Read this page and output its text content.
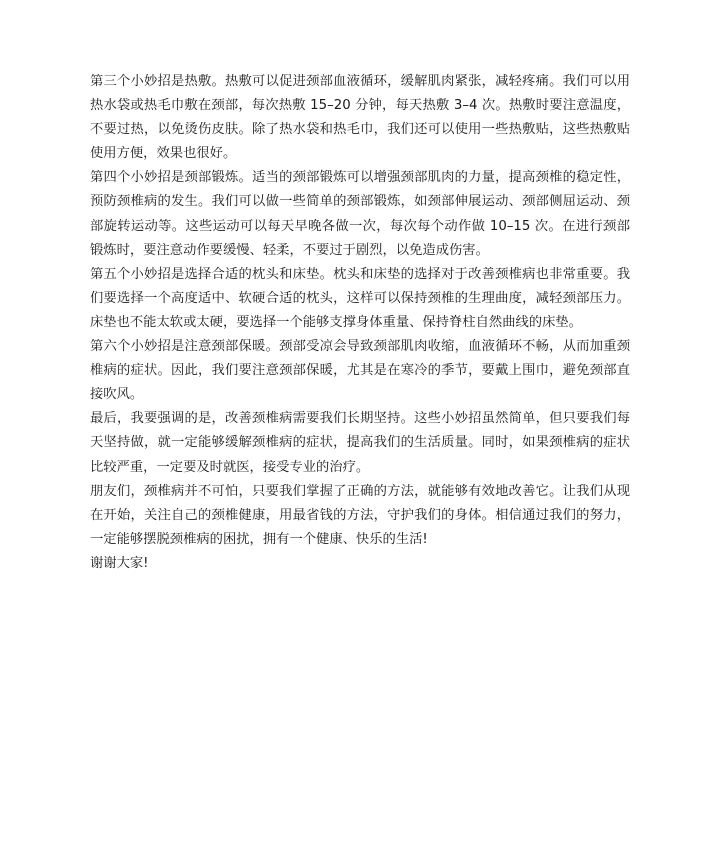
第三个小妙招是热敷。热敷可以促进颈部血液循环，缓解肌肉紧张，减轻疼痛。我们可以用热水袋或热毛巾敷在颈部，每次热敷 15–20 分钟，每天热敷 3–4 次。热敷时要注意温度，不要过热，以免烫伤皮肤。除了热水袋和热毛巾，我们还可以使用一些热敷贴，这些热敷贴使用方便，效果也很好。

第四个小妙招是颈部锻炼。适当的颈部锻炼可以增强颈部肌肉的力量，提高颈椎的稳定性，预防颈椎病的发生。我们可以做一些简单的颈部锻炼，如颈部伸展运动、颈部侧屈运动、颈部旋转运动等。这些运动可以每天早晚各做一次，每次每个动作做 10–15 次。在进行颈部锻炼时，要注意动作要缓慢、轻柔，不要过于剧烈，以免造成伤害。

第五个小妙招是选择合适的枕头和床垫。枕头和床垫的选择对于改善颈椎病也非常重要。我们要选择一个高度适中、软硬合适的枕头，这样可以保持颈椎的生理曲度，减轻颈部压力。床垫也不能太软或太硬，要选择一个能够支撑身体重量、保持脊柱自然曲线的床垫。

第六个小妙招是注意颈部保暖。颈部受凉会导致颈部肌肉收缩，血液循环不畅，从而加重颈椎病的症状。因此，我们要注意颈部保暖，尤其是在寒冷的季节，要戴上围巾，避免颈部直接吹风。

最后，我要强调的是，改善颈椎病需要我们长期坚持。这些小妙招虽然简单，但只要我们每天坚持做，就一定能够缓解颈椎病的症状，提高我们的生活质量。同时，如果颈椎病的症状比较严重，一定要及时就医，接受专业的治疗。

朋友们，颈椎病并不可怕，只要我们掌握了正确的方法，就能够有效地改善它。让我们从现在开始，关注自己的颈椎健康，用最省钱的方法，守护我们的身体。相信通过我们的努力，一定能够摆脱颈椎病的困扰，拥有一个健康、快乐的生活!

谢谢大家!
